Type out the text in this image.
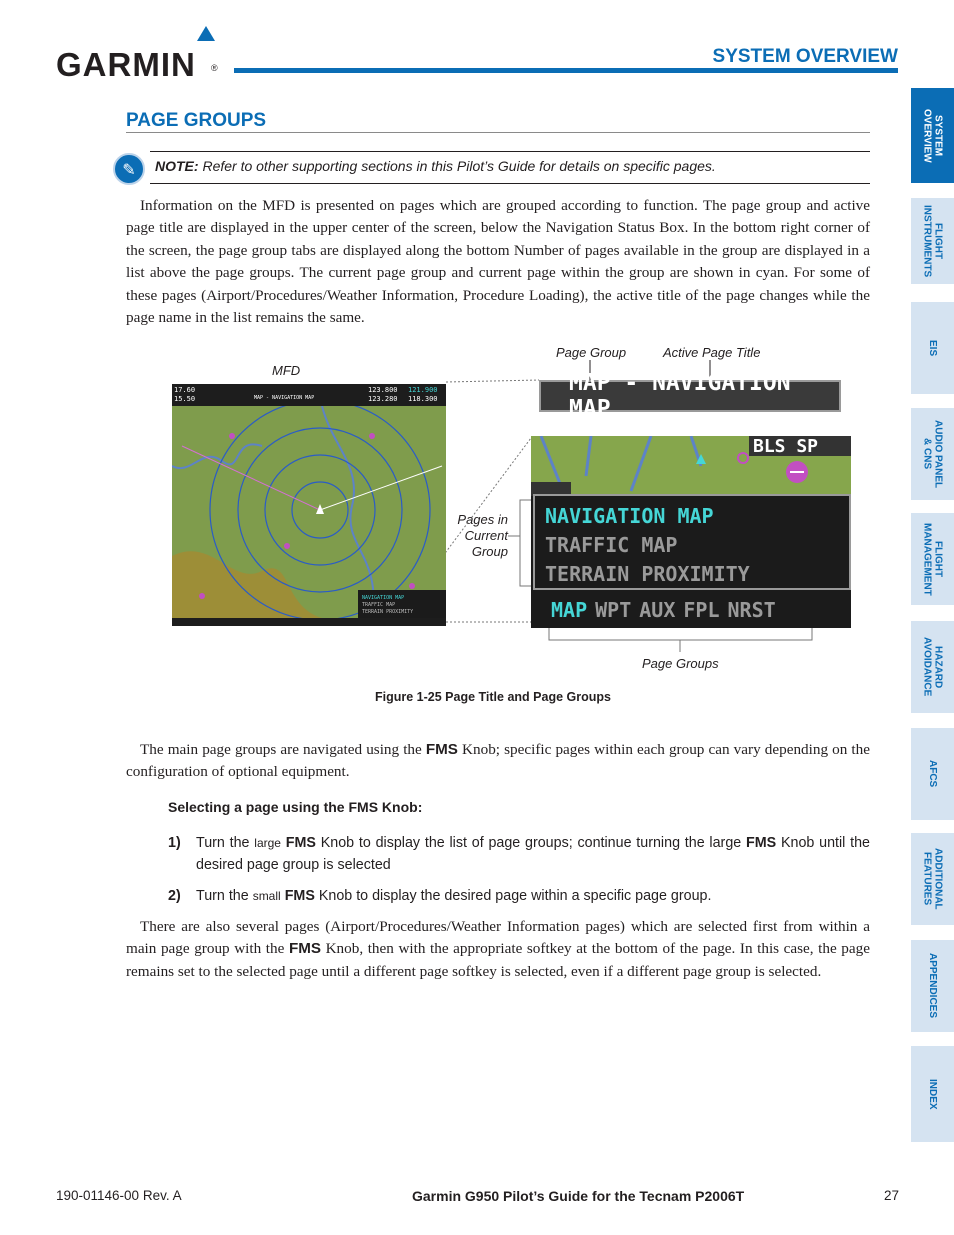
GARMIN ®
SYSTEM OVERVIEW
SYSTEM
OVERVIEW
FLIGHT
INSTRUMENTS
EIS
AUDIO PANEL
& CNS
FLIGHT
MANAGEMENT
HAZARD
AVOIDANCE
AFCS
ADDITIONAL
FEATURES
APPENDICES
INDEX
PAGE GROUPS
✎	NOTE: Refer to other supporting sections in this Pilot’s Guide for details on specific pages.
Information on the MFD is presented on pages which are grouped according to function. The page group and active page title are displayed in the upper center of the screen, below the Navigation Status Box. In the bottom right corner of the screen, the page group tabs are displayed along the bottom Number of pages available in the group are displayed in a list above the page groups. The current page group and current page within the group are shown in cyan. For some of these pages (Airport/Procedures/Weather Information, Procedure Loading), the active title of the page changes while the page name in the list remains the same.
MFD
Page Group	Active Page Title
Pages in
Current
Group
Page Groups
17.60
15.50
123.800
123.280
121.900
118.300
MAP - NAVIGATION MAP
NAVIGATION MAP
TRAFFIC MAP
TERRAIN PROXIMITY
MAP - NAVIGATION MAP
BLS SP
NAVIGATION MAP
TRAFFIC MAP
TERRAIN PROXIMITY
MAP WPT AUX FPL NRST
Figure 1-25 Page Title and Page Groups
The main page groups are navigated using the FMS Knob; specific pages within each group can vary depending on the configuration of optional equipment.
Selecting a page using the FMS Knob:
1) Turn the large FMS Knob to display the list of page groups; continue turning the large FMS Knob until the desired page group is selected
2) Turn the small FMS Knob to display the desired page within a specific page group.
There are also several pages (Airport/Procedures/Weather Information pages) which are selected first from within a main page group with the FMS Knob, then with the appropriate softkey at the bottom of the page. In this case, the page remains set to the selected page until a different page softkey is selected, even if a different page group is selected.
190-01146-00 Rev. A	Garmin G950 Pilot’s Guide for the Tecnam P2006T	27
